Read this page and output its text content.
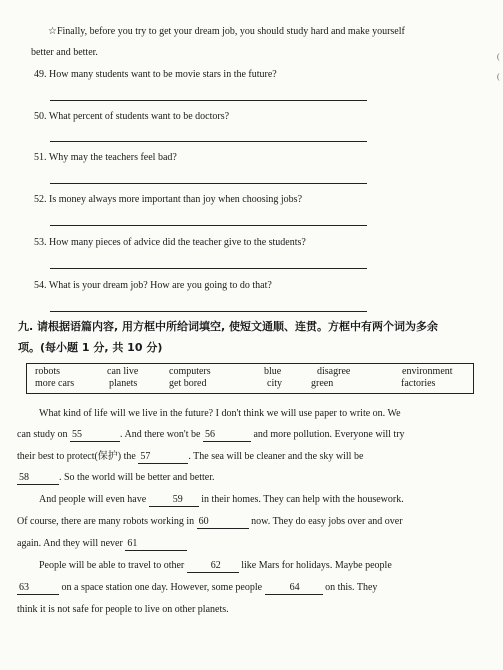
(
(
☆Finally, before you try to get your dream job, you should study hard and make yourself
better and better.
49. How many students want to be movie stars in the future?
50. What percent of students want to be doctors?
51. Why may the teachers feel bad?
52. Is money always more important than joy when choosing jobs?
53. How many pieces of advice did the teacher give to the students?
54. What is your dream job? How are you going to do that?
九. 请根据语篇内容, 用方框中所给词填空, 使短文通顺、连贯。方框中有两个词为多余
项。(每小题 1 分, 共 10 分)
robots	can live	computers	blue	disagree	environment
more cars	planets	get bored	city	green	factories
What kind of life will we live in the future? I don't think we will use paper to write on. We
can study on 55	. And there won't be 56	and more pollution. Everyone will try
their best to protect(保护) the 57	. The sea will be cleaner and the sky will be
58	. So the world will be better and better.
And people will even have	59 in their homes. They can help with the housework.
Of course, there are many robots working in 60	now. They do easy jobs over and over
again. And they will never 61
People will be able to travel to other	62 like Mars for holidays. Maybe people
63	on a space station one day. However, some people	64	on this. They
think it is not safe for people to live on other planets.
